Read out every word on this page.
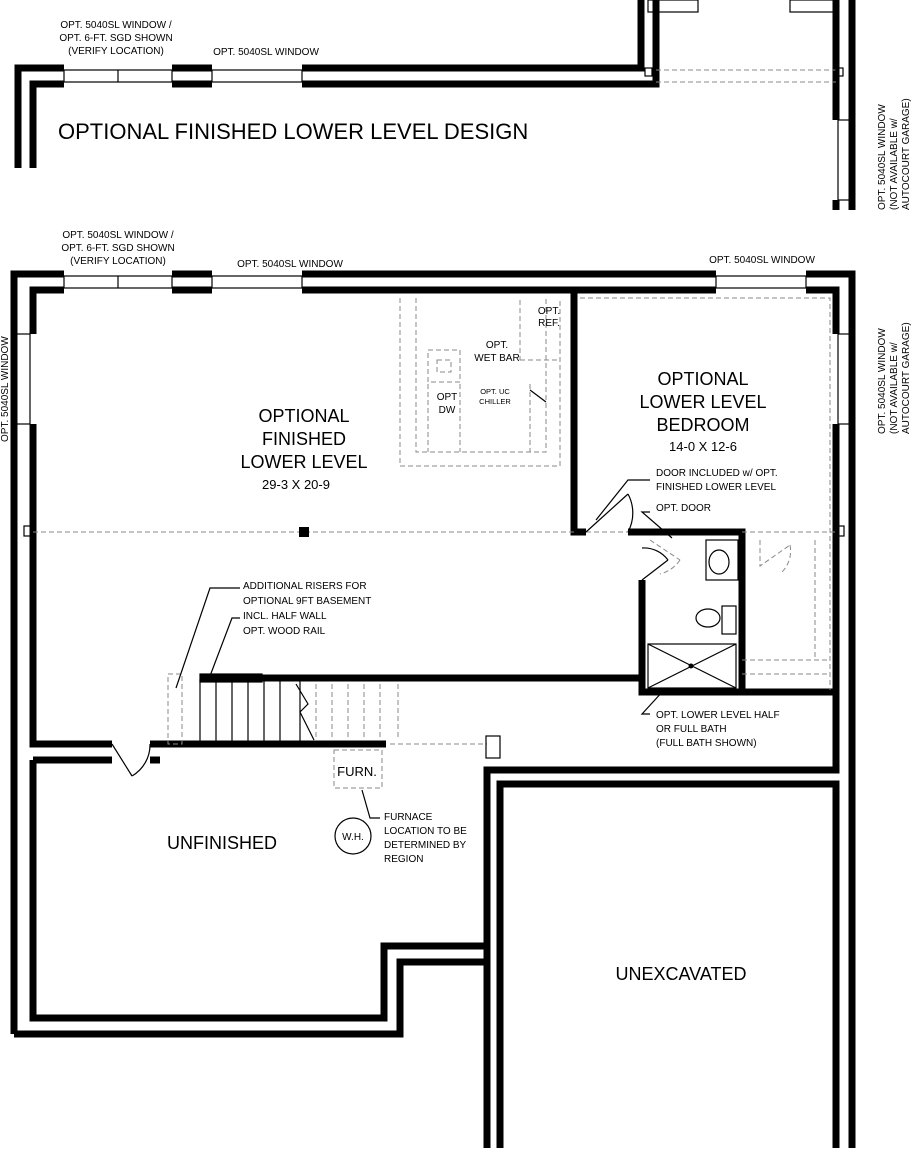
OPT. 5040SL WINDOW /
OPT. 6-FT. SGD SHOWN
(VERIFY LOCATION)	OPT. 5040SL WINDOW
OPT. 5040SL WINDOW (NOT AVAILABLE w/ AUTOCOURT GARAGE)
OPTIONAL FINISHED LOWER LEVEL DESIGN
OPT. 5040SL WINDOW /
OPT. 6-FT. SGD SHOWN
(VERIFY LOCATION)	OPT. 5040SL WINDOW	OPT. 5040SL WINDOW
OPT. 5040SL WINDOW (NOT AVAILABLE w/ AUTOCOURT GARAGE)
OPT. 5040SL WINDOW
OPT.
REF.
OPT.
WET BAR
OPT
DW
OPT. UC
CHILLER
OPTIONAL
FINISHED
LOWER LEVEL
29-3 X 20-9
OPTIONAL
LOWER LEVEL
BEDROOM
14-0 X 12-6
DOOR INCLUDED w/ OPT.
FINISHED LOWER LEVEL
OPT. DOOR
ADDITIONAL RISERS FOR
OPTIONAL 9FT BASEMENT
INCL. HALF WALL
OPT. WOOD RAIL
OPT. LOWER LEVEL HALF
OR FULL BATH
(FULL BATH SHOWN)
FURN.
W.H.
FURNACE
LOCATION TO BE
DETERMINED BY
REGION
UNFINISHED
UNEXCAVATED
